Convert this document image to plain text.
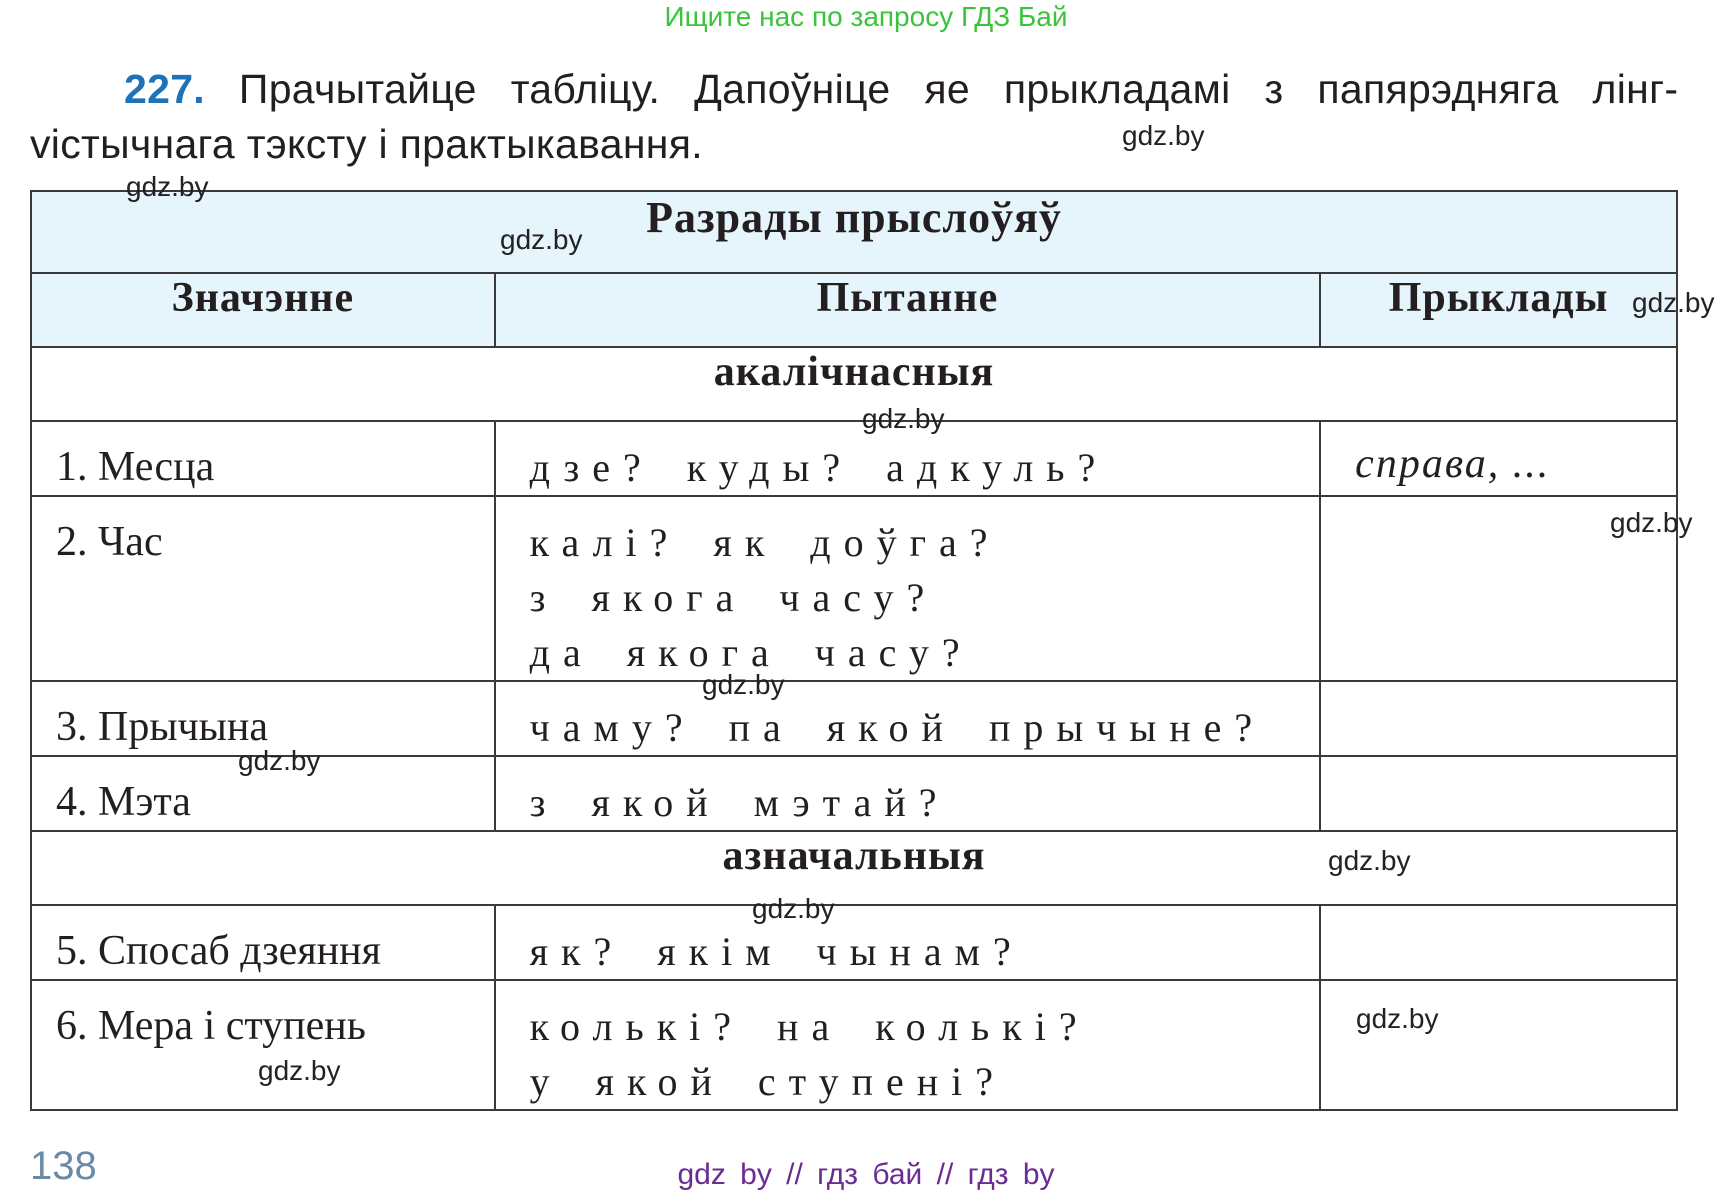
Ищите нас по запросу ГДЗ Бай
227. Прачытайце табліцу. Дапоўніце яе прыкладамі з папярэдняга лінгvістычнага тэксту і практыкавання.
Разрады прыслоўяў		
Значэнне	Пытанне	Прыклады
акалічнасныя		
1. Месца	дзе? куды? адкуль?	справа, ...
2. Час	калі? як доўга?
з якога часу?
да якога часу?	

3. Прычына	чаму? па якой прычыне?	

4. Мэта	з якой мэтай?	

азначальныя		
5. Спосаб дзеяння	як? якім чынам?	

6. Мера і ступень	колькі? на колькі?
у якой ступені?	

gdz.by
gdz.by
gdz.by
gdz.by
gdz.by
gdz.by
gdz.by
gdz.by
gdz.by
gdz.by
gdz.by
gdz.by
138	gdz by // гдз бай // гдз by
